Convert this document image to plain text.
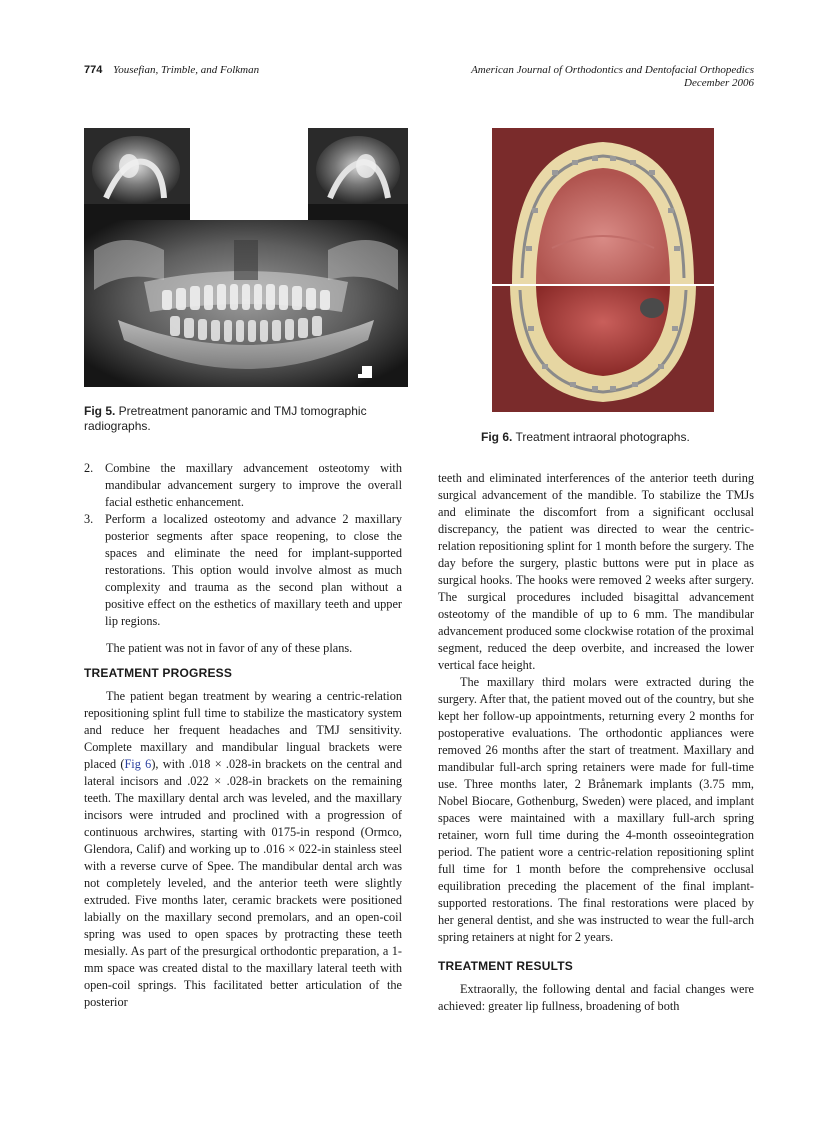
774 Yousefian, Trimble, and Folkman	American Journal of Orthodontics and Dentofacial Orthopedics
December 2006
Fig 5. Pretreatment panoramic and TMJ tomographic radiographs.
Fig 6. Treatment intraoral photographs.
2. Combine the maxillary advancement osteotomy with mandibular advancement surgery to improve the overall facial esthetic enhancement.
3. Perform a localized osteotomy and advance 2 maxillary posterior segments after space reopening, to close the spaces and eliminate the need for implant-supported restorations. This option would involve almost as much complexity and trauma as the second plan without a positive effect on the esthetics of maxillary teeth and upper lip regions.

The patient was not in favor of any of these plans.

TREATMENT PROGRESS

The patient began treatment by wearing a centric-relation repositioning splint full time to stabilize the masticatory system and reduce her frequent headaches and TMJ sensitivity. Complete maxillary and mandibular lingual brackets were placed (Fig 6), with .018 × .028-in brackets on the central and lateral incisors and .022 × .028-in brackets on the remaining teeth. The maxillary dental arch was leveled, and the maxillary incisors were intruded and proclined with a progression of continuous archwires, starting with 0175-in respond (Ormco, Glendora, Calif) and working up to .016 × 022-in stainless steel with a reverse curve of Spee. The mandibular dental arch was not completely leveled, and the anterior teeth were slightly extruded. Five months later, ceramic brackets were positioned labially on the maxillary second premolars, and an open-coil spring was used to open spaces by protracting these teeth mesially. As part of the presurgical orthodontic preparation, a 1-mm space was created distal to the maxillary lateral teeth with open-coil springs. This facilitated better articulation of the posterior

teeth and eliminated interferences of the anterior teeth during surgical advancement of the mandible. To stabilize the TMJs and eliminate the discomfort from a significant occlusal discrepancy, the patient was directed to wear the centric-relation repositioning splint for 1 month before the surgery. The day before the surgery, plastic buttons were put in place as surgical hooks. The hooks were removed 2 weeks after surgery. The surgical procedures included bisagittal advancement osteotomy of the mandible of up to 6 mm. The mandibular advancement produced some clockwise rotation of the proximal segment, reduced the deep overbite, and increased the lower vertical face height.

The maxillary third molars were extracted during the surgery. After that, the patient moved out of the country, but she kept her follow-up appointments, returning every 2 months for postoperative evaluations. The orthodontic appliances were removed 26 months after the start of treatment. Maxillary and mandibular full-arch spring retainers were made for full-time use. Three months later, 2 Brånemark implants (3.75 mm, Nobel Biocare, Gothenburg, Sweden) were placed, and implant spaces were maintained with a maxillary full-arch spring retainer, worn full time during the 4-month osseointegration period. The patient wore a centric-relation repositioning splint full time for 1 month before the comprehensive occlusal equilibration preceding the placement of the final implant-supported restorations. The final restorations were placed by her general dentist, and she was instructed to wear the full-arch spring retainers at night for 2 years.

TREATMENT RESULTS

Extraorally, the following dental and facial changes were achieved: greater lip fullness, broadening of both
